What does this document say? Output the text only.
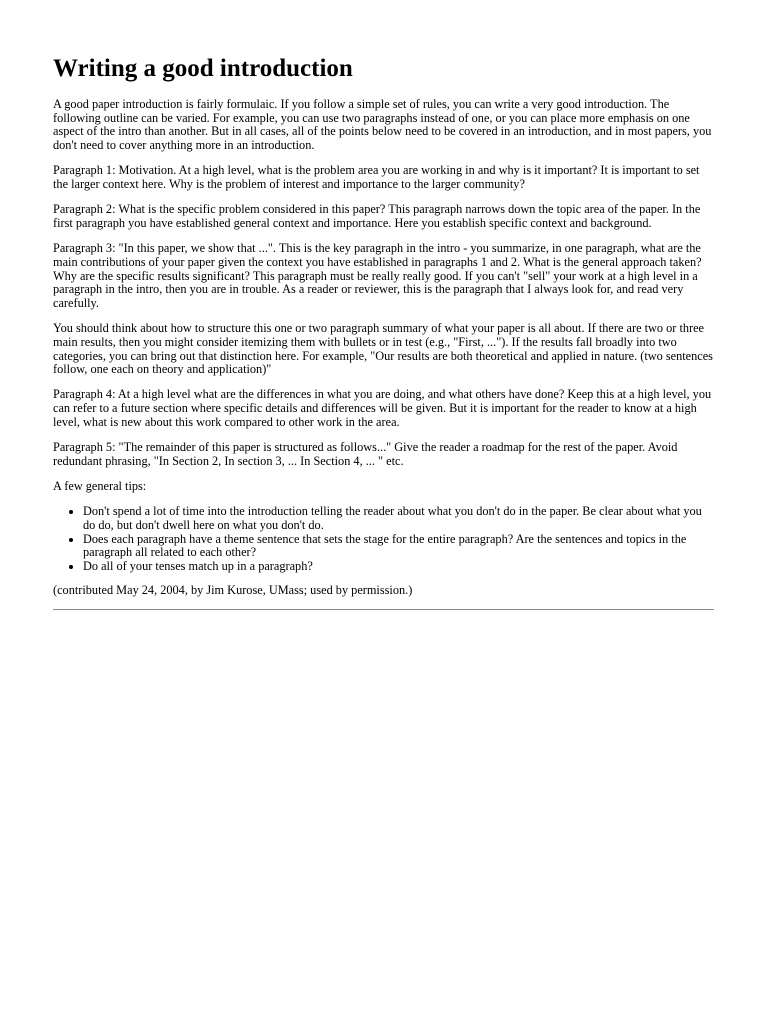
Writing a good introduction

A good paper introduction is fairly formulaic. If you follow a simple set of rules, you can write a very good introduction. The following outline can be varied. For example, you can use two paragraphs instead of one, or you can place more emphasis on one aspect of the intro than another. But in all cases, all of the points below need to be covered in an introduction, and in most papers, you don't need to cover anything more in an introduction.

Paragraph 1: Motivation. At a high level, what is the problem area you are working in and why is it important? It is important to set the larger context here. Why is the problem of interest and importance to the larger community?

Paragraph 2: What is the specific problem considered in this paper? This paragraph narrows down the topic area of the paper. In the first paragraph you have established general context and importance. Here you establish specific context and background.

Paragraph 3: "In this paper, we show that ...". This is the key paragraph in the intro - you summarize, in one paragraph, what are the main contributions of your paper given the context you have established in paragraphs 1 and 2. What is the general approach taken? Why are the specific results significant? This paragraph must be really really good. If you can't "sell" your work at a high level in a paragraph in the intro, then you are in trouble. As a reader or reviewer, this is the paragraph that I always look for, and read very carefully.

You should think about how to structure this one or two paragraph summary of what your paper is all about. If there are two or three main results, then you might consider itemizing them with bullets or in test (e.g., "First, ..."). If the results fall broadly into two categories, you can bring out that distinction here. For example, "Our results are both theoretical and applied in nature. (two sentences follow, one each on theory and application)"

Paragraph 4: At a high level what are the differences in what you are doing, and what others have done? Keep this at a high level, you can refer to a future section where specific details and differences will be given. But it is important for the reader to know at a high level, what is new about this work compared to other work in the area.

Paragraph 5: "The remainder of this paper is structured as follows..." Give the reader a roadmap for the rest of the paper. Avoid redundant phrasing, "In Section 2, In section 3, ... In Section 4, ... " etc.

A few general tips:

• Don't spend a lot of time into the introduction telling the reader about what you don't do in the paper. Be clear about what you do do, but don't dwell here on what you don't do.
• Does each paragraph have a theme sentence that sets the stage for the entire paragraph? Are the sentences and topics in the paragraph all related to each other?
• Do all of your tenses match up in a paragraph?

(contributed May 24, 2004, by Jim Kurose, UMass; used by permission.)
